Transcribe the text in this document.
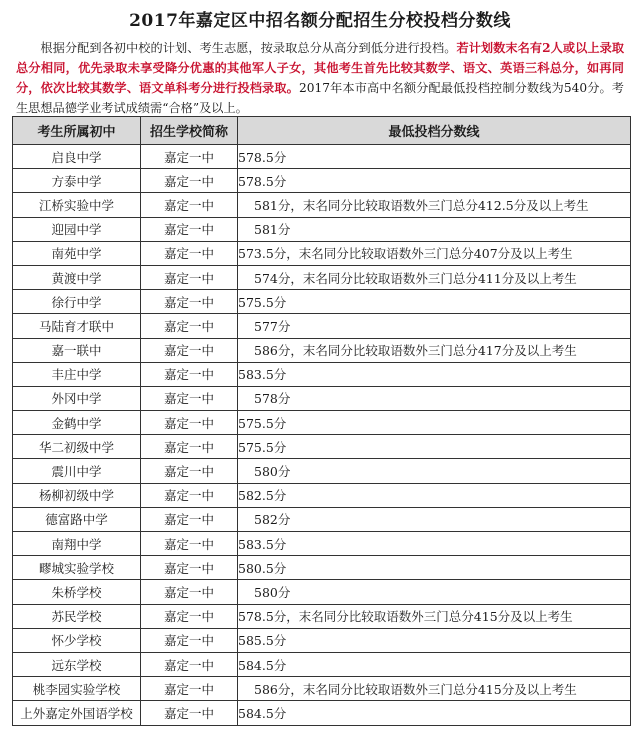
2017年嘉定区中招名额分配招生分校投档分数线

根据分配到各初中校的计划、考生志愿，按录取总分从高分到低分进行投档。若计划数末名有2人或以上录取总分相同，优先录取未享受降分优惠的其他军人子女，其他考生首先比较其数学、语文、英语三科总分，如再同分，依次比较其数学、语文单科考分进行投档录取。2017年本市高中名额分配最低投档控制分数线为540分。考生思想品德学业考试成绩需“合格”及以上。

考生所属初中	招生学校简称	最低投档分数线
启良中学	嘉定一中	578.5分
方泰中学	嘉定一中	578.5分
江桥实验中学	嘉定一中	581分，末名同分比较取语数外三门总分412.5分及以上考生
迎园中学	嘉定一中	581分
南苑中学	嘉定一中	573.5分，末名同分比较取语数外三门总分407分及以上考生
黄渡中学	嘉定一中	574分，末名同分比较取语数外三门总分411分及以上考生
徐行中学	嘉定一中	575.5分
马陆育才联中	嘉定一中	577分
嘉一联中	嘉定一中	586分，末名同分比较取语数外三门总分417分及以上考生
丰庄中学	嘉定一中	583.5分
外冈中学	嘉定一中	578分
金鹤中学	嘉定一中	575.5分
华二初级中学	嘉定一中	575.5分
震川中学	嘉定一中	580分
杨柳初级中学	嘉定一中	582.5分
德富路中学	嘉定一中	582分
南翔中学	嘉定一中	583.5分
疁城实验学校	嘉定一中	580.5分
朱桥学校	嘉定一中	580分
苏民学校	嘉定一中	578.5分，末名同分比较取语数外三门总分415分及以上考生
怀少学校	嘉定一中	585.5分
远东学校	嘉定一中	584.5分
桃李园实验学校	嘉定一中	586分，末名同分比较取语数外三门总分415分及以上考生
上外嘉定外国语学校	嘉定一中	584.5分
